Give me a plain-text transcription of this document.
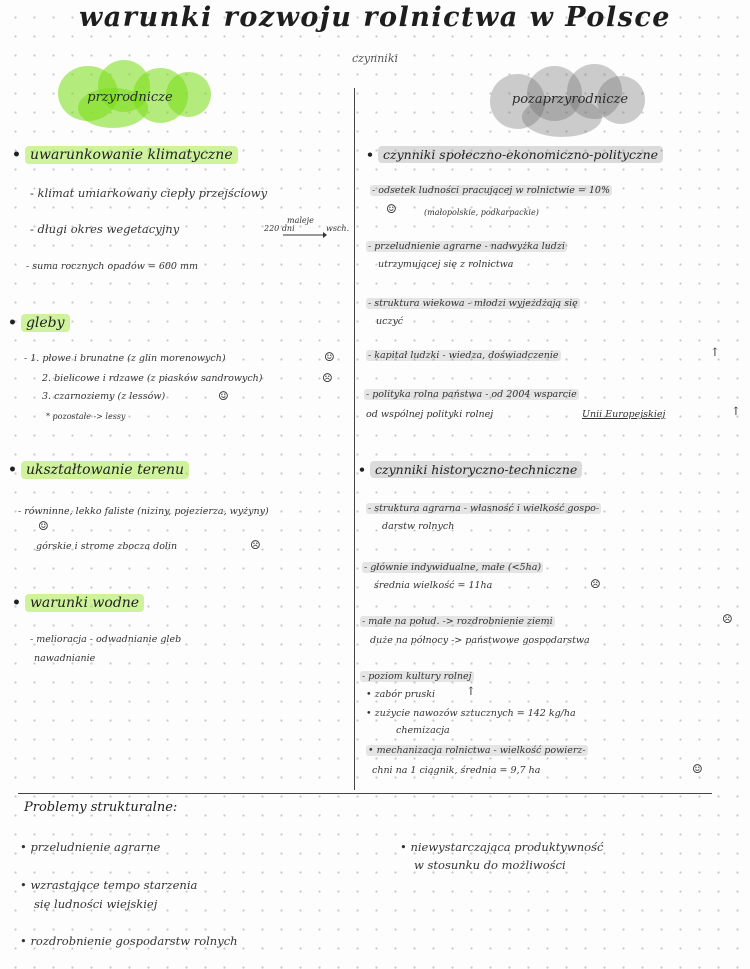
warunki rozwoju rolnictwa w Polsce
czynniki
przyrodnicze	pozaprzyrodnicze
• uwarunkowanie klimatyczne
- klimat umiarkowany ciepły przejściowy
- długi okres wegetacyjny	220 dni
maleje
wsch.
- suma rocznych opadów = 600 mm
• gleby
- 1. płowe i brunatne (z glin morenowych)	☺
2. bielicowe i rdzawe (z piasków sandrowych)	☹
3. czarnoziemy (z lessów)	☺
* pozostałe -> lessy
• ukształtowanie terenu
- równinne, lekko faliste (niziny, pojezierza, wyżyny)
☺
górskie i strome zbocza dolin	☹
• warunki wodne
- melioracja - odwadnianie gleb
nawadnianie
• czynniki społeczno-ekonomiczno-polityczne
- odsetek ludności pracującej w rolnictwie = 10%
☺	(małopolskie, podkarpackie)
- przeludnienie agrarne - nadwyżka ludzi
utrzymującej się z rolnictwa
- struktura wiekowa - młodzi wyjeżdżają się
uczyć
- kapitał ludzki - wiedza, doświadczenie	↑
- polityka rolna państwa - od 2004 wsparcie
od wspólnej polityki rolnej	Unii Europejskiej	↑
• czynniki historyczno-techniczne
- struktura agrarna - własność i wielkość gospo-
darstw rolnych
- głównie indywidualne, małe (<5ha)
średnia wielkość = 11ha	☹
- małe na połud. -> rozdrobnienie ziemi	☹
duże na północy -> państwowe gospodarstwa
- poziom kultury rolnej
• zabór pruski	↑
• zużycie nawozów sztucznych = 142 kg/ha
chemizacja
• mechanizacja rolnictwa - wielkość powierz-
chni na 1 ciągnik, średnia = 9,7 ha	☺
Problemy strukturalne:
• przeludnienie agrarne
• wzrastające tempo starzenia
się ludności wiejskiej
• rozdrobnienie gospodarstw rolnych
• niewystarczająca produktywność
w stosunku do możliwości
